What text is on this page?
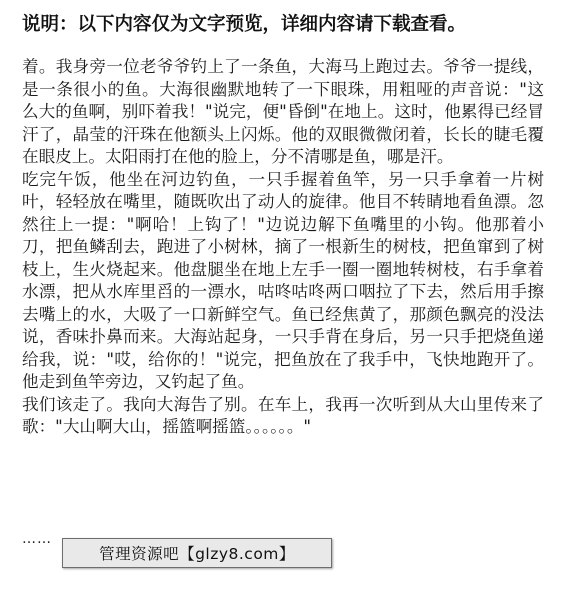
说明：以下内容仅为文字预览，详细内容请下载查看。

着。我身旁一位老爷爷钓上了一条鱼，大海马上跑过去。爷爷一提线，是一条很小的鱼。大海很幽默地转了一下眼珠，用粗哑的声音说："这么大的鱼啊，别吓着我！"说完，便"昏倒"在地上。这时，他累得已经冒汗了，晶莹的汗珠在他额头上闪烁。他的双眼微微闭着，长长的睫毛覆在眼皮上。太阳雨打在他的脸上，分不清哪是鱼，哪是汗。

吃完午饭，他坐在河边钓鱼，一只手握着鱼竿，另一只手拿着一片树叶，轻轻放在嘴里，随既吹出了动人的旋律。他目不转睛地看鱼漂。忽然往上一提："啊哈！上钩了！"边说边解下鱼嘴里的小钩。他那着小刀，把鱼鳞刮去，跑进了小树林，摘了一根新生的树枝，把鱼窜到了树枝上，生火烧起来。他盘腿坐在地上左手一圈一圈地转树枝，右手拿着水漂，把从水库里舀的一漂水，咕咚咕咚两口咽拉了下去，然后用手擦去嘴上的水，大吸了一口新鲜空气。鱼已经焦黄了，那颜色飘亮的没法说，香味扑鼻而来。大海站起身，一只手背在身后，另一只手把烧鱼递给我，说："哎，给你的！"说完，把鱼放在了我手中，飞快地跑开了。他走到鱼竿旁边，又钓起了鱼。

我们该走了。我向大海告了别。在车上，我再一次听到从大山里传来了歌："大山啊大山，摇篮啊摇篮。。。。。。"

……
管理资源吧【glzy8.com】
